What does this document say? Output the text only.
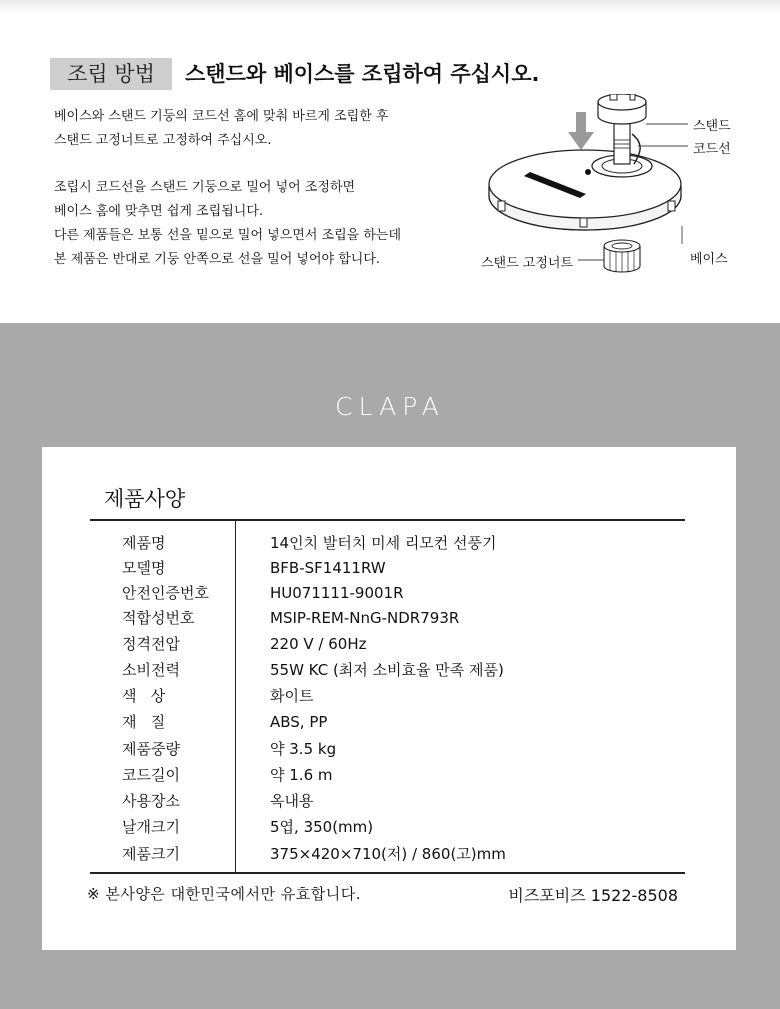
조립 방법	스탠드와 베이스를 조립하여 주십시오.
베이스와 스탠드 기둥의 코드선 홈에 맞춰 바르게 조립한 후
스탠드 고정너트로 고정하여 주십시오.
조립시 코드선을 스탠드 기둥으로 밀어 넣어 조정하면
베이스 홈에 맞추면 쉽게 조립됩니다.
다른 제품들은 보통 선을 밑으로 밀어 넣으면서 조립을 하는데
본 제품은 반대로 기둥 안쪽으로 선을 밀어 넣어야 합니다.
스탠드
코드선
베이스
스탠드 고정너트
CLAPA
제품사양
제품명	14인치 발터치 미세 리모컨 선풍기
모델명	BFB-SF1411RW
안전인증번호	HU071111-9001R
적합성번호	MSIP-REM-NnG-NDR793R
정격전압	220 V / 60Hz
소비전력	55W KC (최저 소비효율 만족 제품)
색   상	화이트
재   질	ABS, PP
제품중량	약 3.5 kg
코드길이	약 1.6 m
사용장소	옥내용
날개크기	5엽, 350(mm)
제품크기	375×420×710(저) / 860(고)mm
※ 본사양은 대한민국에서만 유효합니다.	비즈포비즈 1522-8508
